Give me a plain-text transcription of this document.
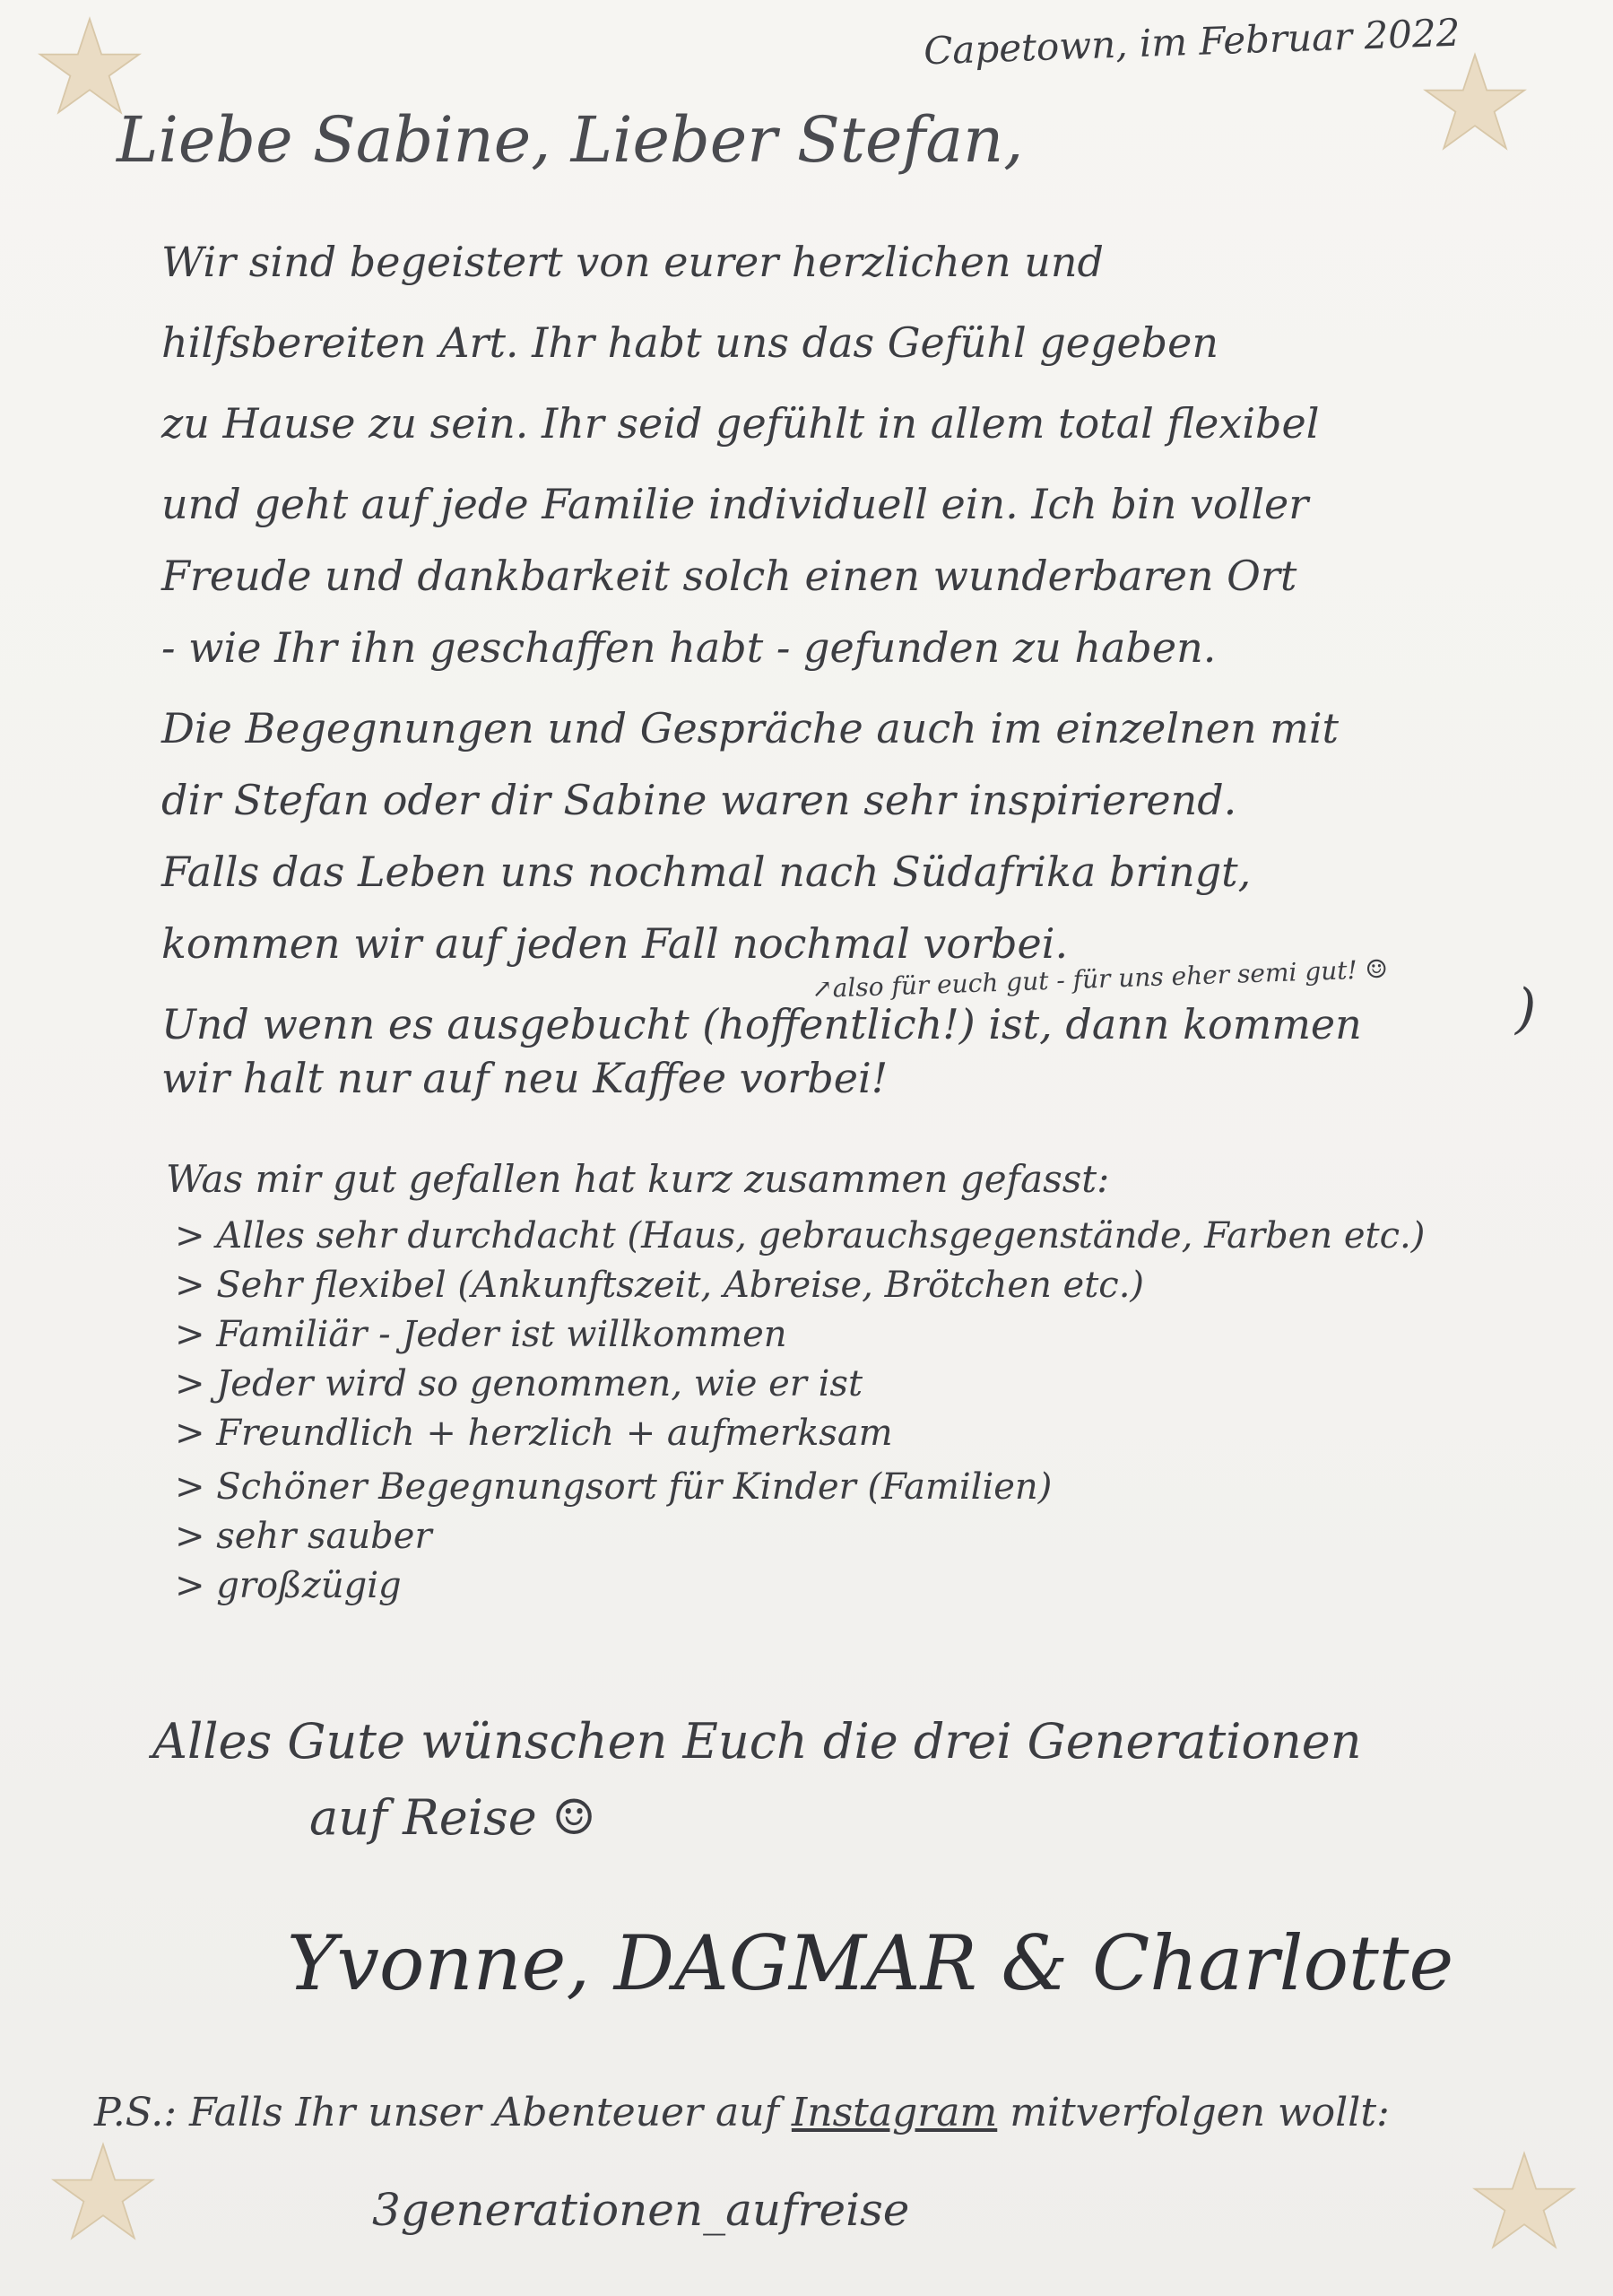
Capetown, im Februar 2022
Liebe Sabine, Lieber Stefan,
Wir sind begeistert von eurer herzlichen und
hilfsbereiten Art. Ihr habt uns das Gefühl gegeben
zu Hause zu sein. Ihr seid gefühlt in allem total flexibel
und geht auf jede Familie individuell ein. Ich bin voller
Freude und dankbarkeit solch einen wunderbaren Ort
- wie Ihr ihn geschaffen habt - gefunden zu haben.
Die Begegnungen und Gespräche auch im einzelnen mit
dir Stefan oder dir Sabine waren sehr inspirierend.
Falls das Leben uns nochmal nach Südafrika bringt,
kommen wir auf jeden Fall nochmal vorbei.
Und wenn es ausgebucht (hoffentlich!) ist, dann kommen
wir halt nur auf neu Kaffee vorbei!
↗also für euch gut - für uns eher semi gut! ☺ )
Was mir gut gefallen hat kurz zusammen gefasst:
> Alles sehr durchdacht (Haus, gebrauchsgegenstände, Farben etc.)
> Sehr flexibel (Ankunftszeit, Abreise, Brötchen etc.)
> Familiär - Jeder ist willkommen
> Jeder wird so genommen, wie er ist
> Freundlich + herzlich + aufmerksam
> Schöner Begegnungsort für Kinder (Familien)
> sehr sauber
> großzügig
Alles Gute wünschen Euch die drei Generationen
auf Reise ☺
Yvonne, DAGMAR & Charlotte
P.S.: Falls Ihr unser Abenteuer auf Instagram mitverfolgen wollt:
3generationen_aufreise
